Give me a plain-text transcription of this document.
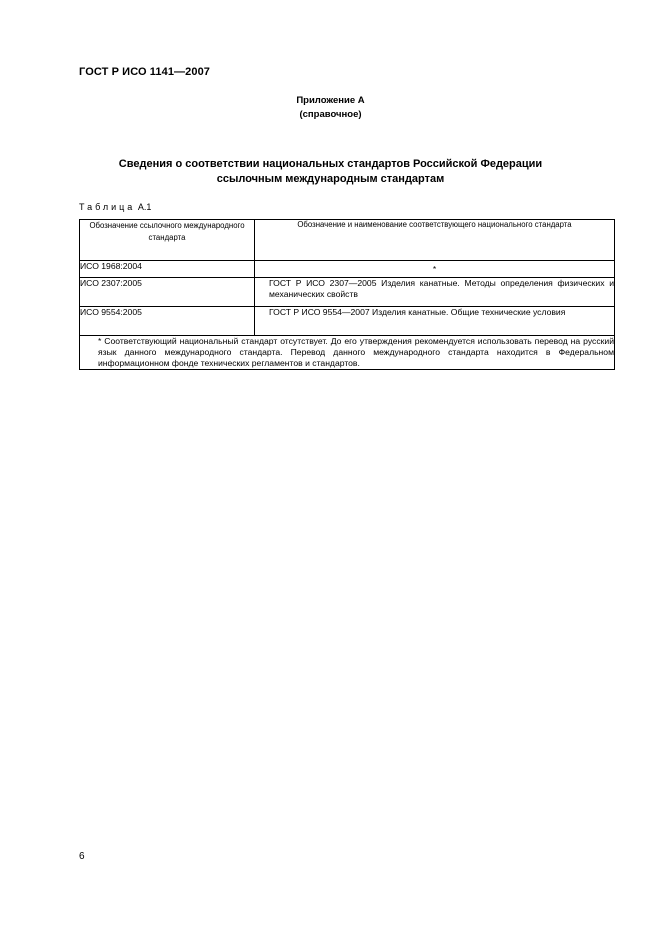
ГОСТ Р ИСО 1141—2007
Приложение А
(справочное)
Сведения о соответствии национальных стандартов Российской Федерации
ссылочным международным стандартам
Таблица А.1
Обозначение ссылочного международного стандарта	Обозначение и наименование соответствующего национального стандарта
ИСО 1968:2004	*
ИСО 2307:2005	ГОСТ Р ИСО 2307—2005 Изделия канатные. Методы определения физических и механических свойств

ИСО 9554:2005	ГОСТ Р ИСО 9554—2007 Изделия канатные. Общие технические условия

* Соответствующий национальный стандарт отсутствует. До его утверждения рекомендуется использовать перевод на русский язык данного международного стандарта. Перевод данного международного стандарта находится в Федеральном информационном фонде технических регламентов и стандартов.	
6
